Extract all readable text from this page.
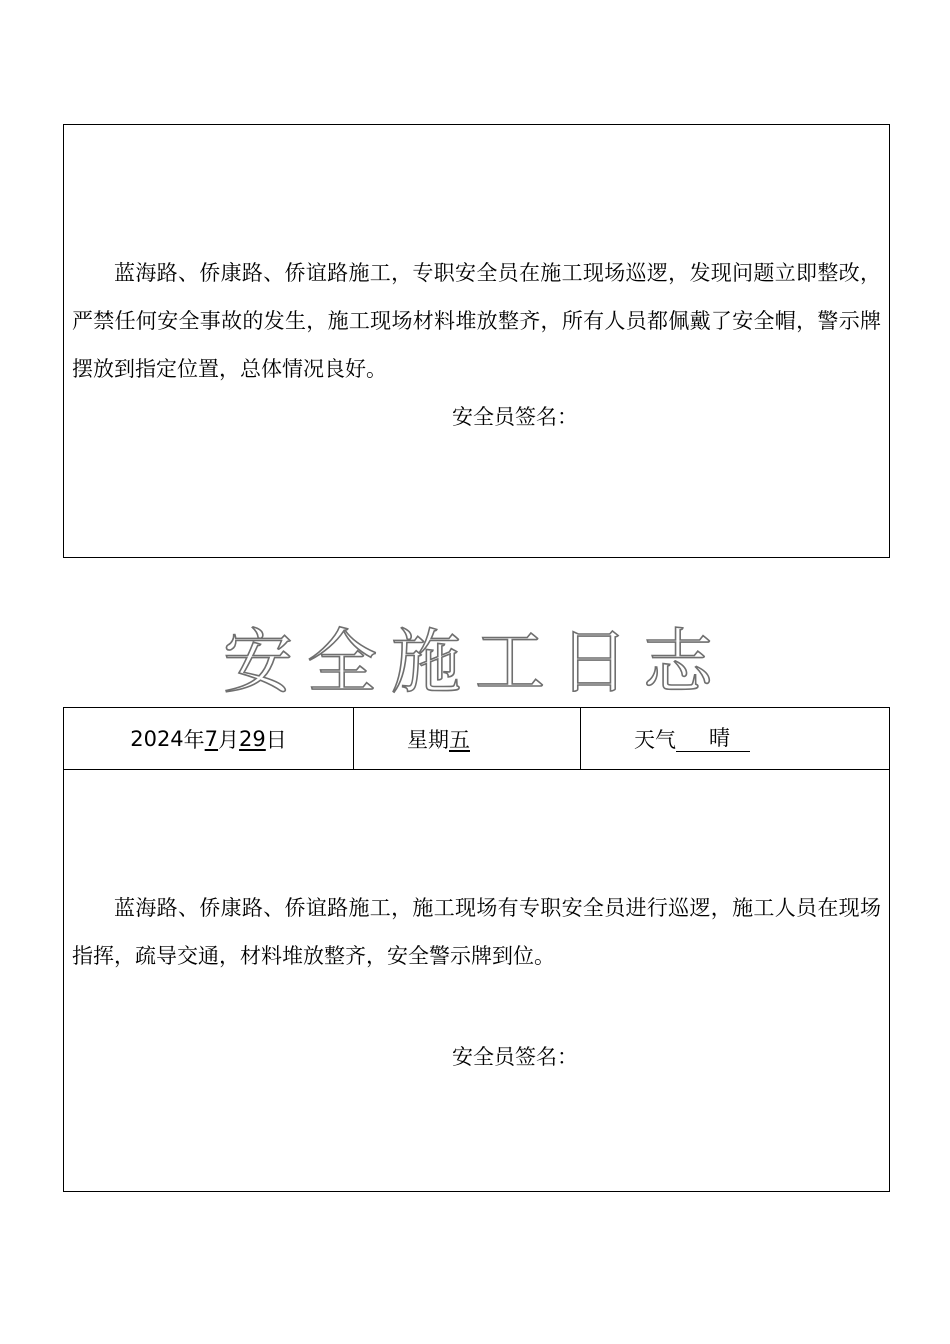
蓝海路、侨康路、侨谊路施工，专职安全员在施工现场巡逻，发现问题立即整改，严禁任何安全事故的发生，施工现场材料堆放整齐，所有人员都佩戴了安全帽，警示牌摆放到指定位置，总体情况良好。

安全员签名：

安全施工日志
2024 年 7 月 29 日	星期 五	天气	晴

蓝海路、侨康路、侨谊路施工，施工现场有专职安全员进行巡逻，施工人员在现场指挥，疏导交通，材料堆放整齐，安全警示牌到位。

安全员签名：
